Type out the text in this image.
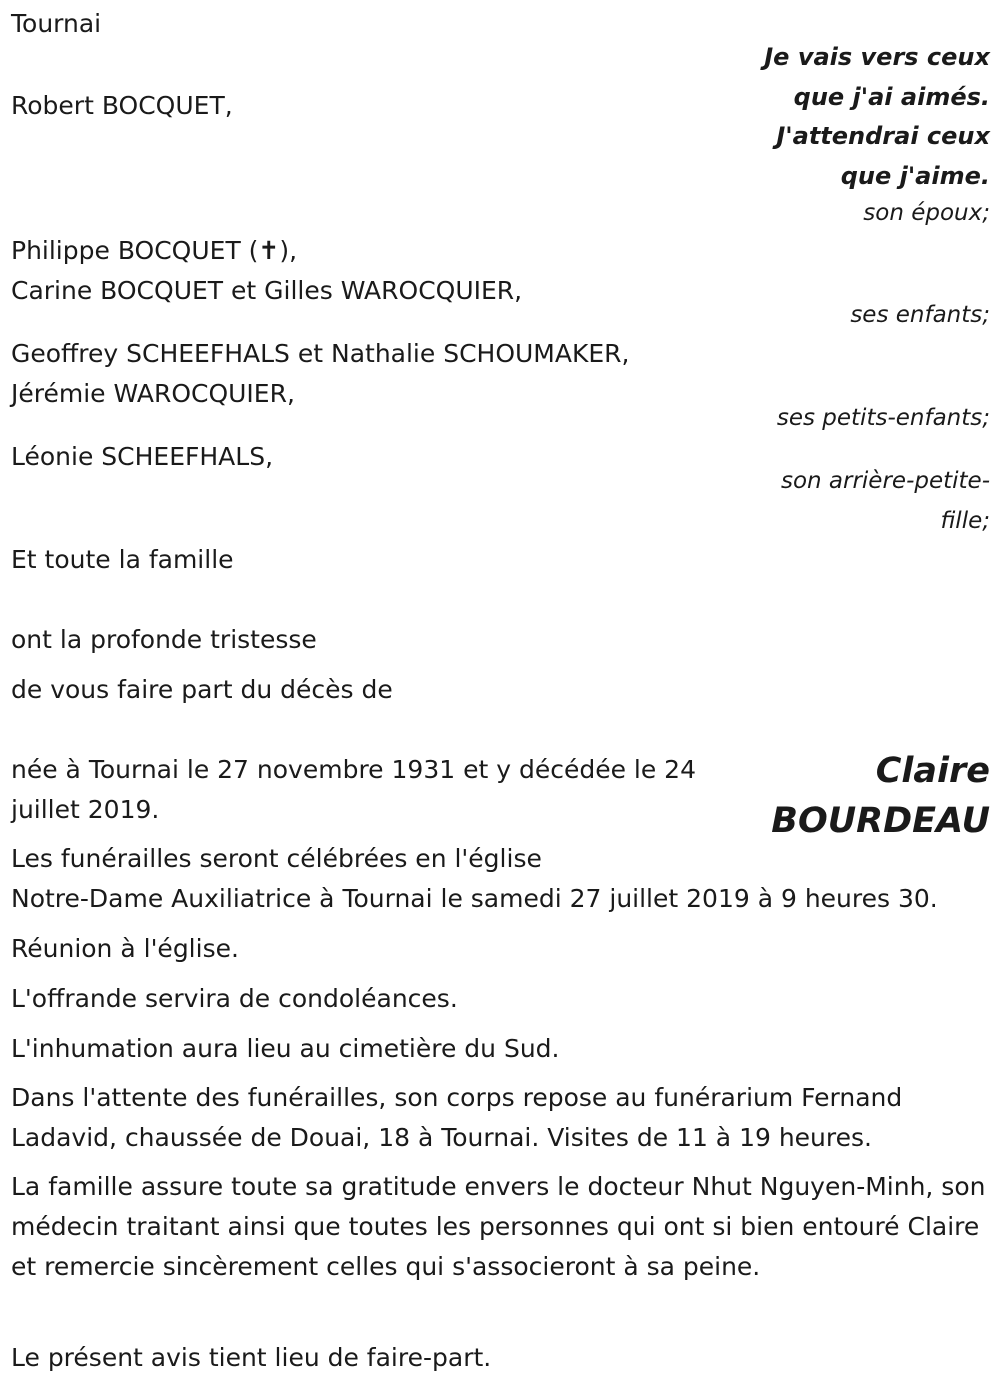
Tournai
Je vais vers ceux
que j'ai aimés.
J'attendrai ceux
que j'aime.
Robert BOCQUET,
son époux;
Philippe BOCQUET (✝),
Carine BOCQUET et Gilles WAROCQUIER,
ses enfants;
Geoffrey SCHEEFHALS et Nathalie SCHOUMAKER,
Jérémie WAROCQUIER,
ses petits-enfants;
Léonie SCHEEFHALS,
son arrière-petite-
fille;
Et toute la famille
ont la profonde tristesse
de vous faire part du décès de
Claire
BOURDEAU
née à Tournai le 27 novembre 1931 et y décédée le 24
juillet 2019.
Les funérailles seront célébrées en l'église
Notre-Dame Auxiliatrice à Tournai le samedi 27 juillet 2019 à 9 heures 30.
Réunion à l'église.
L'offrande servira de condoléances.
L'inhumation aura lieu au cimetière du Sud.
Dans l'attente des funérailles, son corps repose au funérarium Fernand Ladavid, chaussée de Douai, 18 à Tournai. Visites de 11 à 19 heures.
La famille assure toute sa gratitude envers le docteur Nhut Nguyen-Minh, son médecin traitant ainsi que toutes les personnes qui ont si bien entouré Claire et remercie sincèrement celles qui s'associeront à sa peine.
Le présent avis tient lieu de faire-part.
